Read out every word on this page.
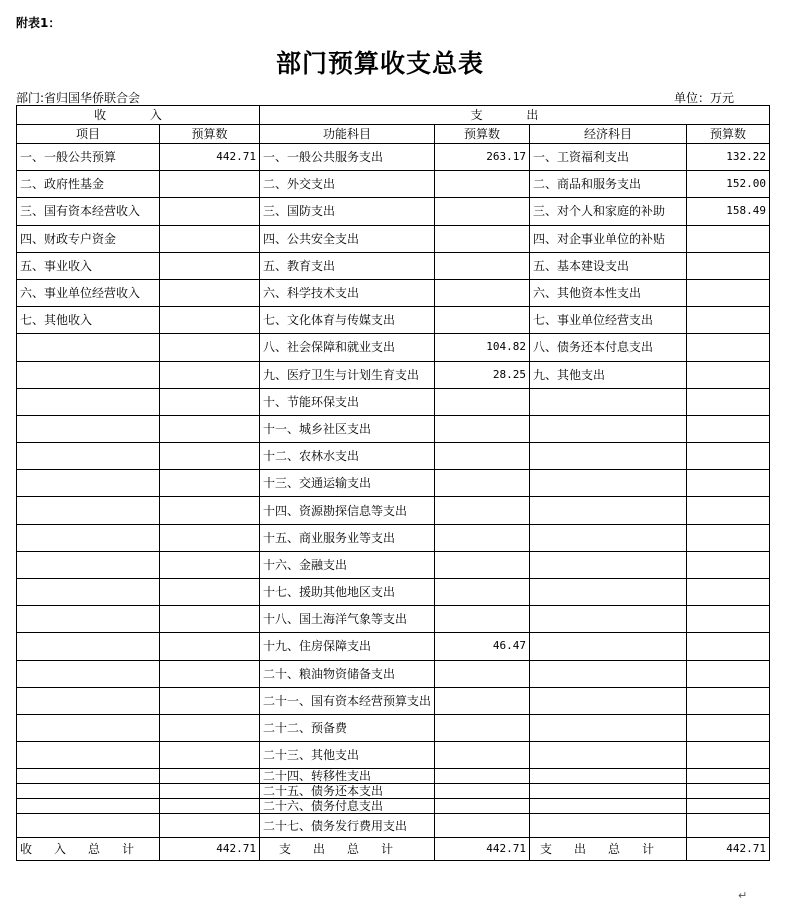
附表1：
部门预算收支总表
部门:省归国华侨联合会	单位：万元
收 入		支 出			
项目	预算数	功能科目	预算数	经济科目	预算数
一、一般公共预算	442.71	一、一般公共服务支出	263.17	一、工资福利支出	132.22
二、政府性基金		二、外交支出		二、商品和服务支出	152.00
三、国有资本经营收入		三、国防支出		三、对个人和家庭的补助	158.49
四、财政专户资金		四、公共安全支出		四、对企事业单位的补贴	
五、事业收入		五、教育支出		五、基本建设支出	
六、事业单位经营收入		六、科学技术支出		六、其他资本性支出	
七、其他收入		七、文化体育与传媒支出		七、事业单位经营支出	
		八、社会保障和就业支出	104.82	八、债务还本付息支出	
		九、医疗卫生与计划生育支出	28.25	九、其他支出	
		十、节能环保支出			
		十一、城乡社区支出			
		十二、农林水支出			
		十三、交通运输支出			
		十四、资源勘探信息等支出			
		十五、商业服务业等支出			
		十六、金融支出			
		十七、援助其他地区支出			
		十八、国土海洋气象等支出			
		十九、住房保障支出	46.47		
		二十、粮油物资储备支出			
		二十一、国有资本经营预算支出			
		二十二、预备费			
		二十三、其他支出			
		二十四、转移性支出			
		二十五、债务还本支出			
		二十六、债务付息支出			
		二十七、债务发行费用支出			
收入总计	442.71	支出总计	442.71	支出总计	442.71
↵
